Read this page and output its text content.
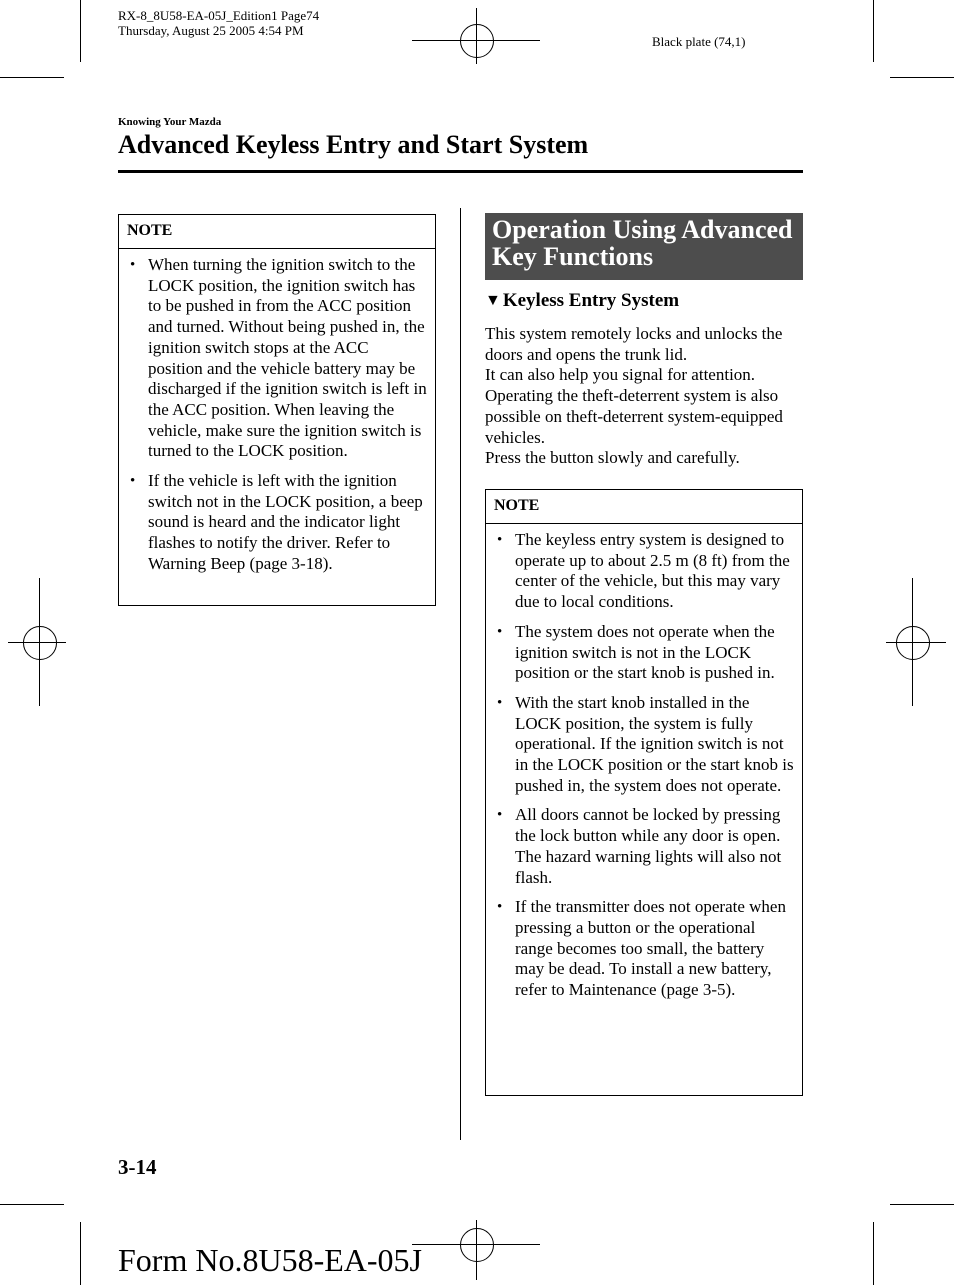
RX-8_8U58-EA-05J_Edition1 Page74
Thursday, August 25 2005 4:54 PM
Black plate (74,1)
Knowing Your Mazda
Advanced Keyless Entry and Start System
NOTE
• When turning the ignition switch to the LOCK position, the ignition switch has to be pushed in from the ACC position and turned. Without being pushed in, the ignition switch stops at the ACC position and the vehicle battery may be discharged if the ignition switch is left in the ACC position. When leaving the vehicle, make sure the ignition switch is turned to the LOCK position.
• If the vehicle is left with the ignition switch not in the LOCK position, a beep sound is heard and the indicator light flashes to notify the driver. Refer to Warning Beep (page 3-18).
Operation Using Advanced Key Functions
▼ Keyless Entry System

This system remotely locks and unlocks the doors and opens the trunk lid.

It can also help you signal for attention.

Operating the theft-deterrent system is also possible on theft-deterrent system-equipped vehicles.

Press the button slowly and carefully.

NOTE
• The keyless entry system is designed to operate up to about 2.5 m (8 ft) from the center of the vehicle, but this may vary due to local conditions.
• The system does not operate when the ignition switch is not in the LOCK position or the start knob is pushed in.
• With the start knob installed in the LOCK position, the system is fully operational. If the ignition switch is not in the LOCK position or the start knob is pushed in, the system does not operate.
• All doors cannot be locked by pressing the lock button while any door is open. The hazard warning lights will also not flash.
• If the transmitter does not operate when pressing a button or the operational range becomes too small, the battery may be dead. To install a new battery, refer to Maintenance (page 3-5).
3-14
Form No.8U58-EA-05J
